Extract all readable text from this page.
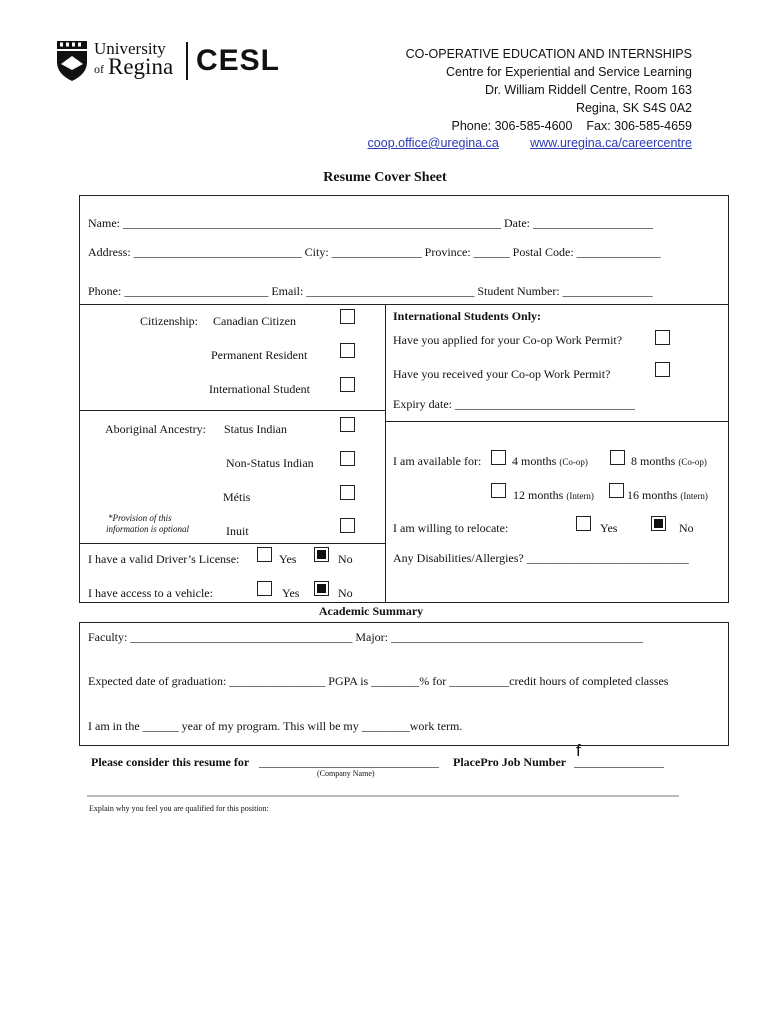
University
of Regina CESL	CO-OPERATIVE EDUCATION AND INTERNSHIPS
Centre for Experiential and Service Learning
Dr. William Riddell Centre, Room 163
Regina, SK S4S 0A2
Phone: 306-585-4600 Fax: 306-585-4659
coop.office@uregina.ca	www.uregina.ca/careercentre
Resume Cover Sheet
Name: _______________________________________________________________ Date: ____________________
Address: ____________________________ City: _______________ Province: ______ Postal Code: ______________
Phone: ________________________ Email: ____________________________ Student Number: _______________
Citizenship: Canadian Citizen
Permanent Resident
International Student
International Students Only:
Have you applied for your Co-op Work Permit?
Have you received your Co-op Work Permit?
Expiry date: ______________________________
Aboriginal Ancestry: Status Indian
Non-Status Indian
Métis
*Provision of this
information is optional	Inuit
I am available for:	4 months (Co-op)	8 months (Co-op)
12 months (Intern)	16 months (Intern)
I am willing to relocate:	Yes	No
Any Disabilities/Allergies? ___________________________
I have a valid Driver’s License:	Yes	No
I have access to a vehicle:	Yes	No
Academic Summary
Faculty: _____________________________________ Major: __________________________________________
Expected date of graduation: ________________ PGPA is ________% for __________credit hours of completed classes
I am in the ______ year of my program. This will be my ________work term.
Please consider this resume for ______________________________
(Company Name)
PlacePro Job Number
f
_______________
Explain why you feel you are qualified for this position:
